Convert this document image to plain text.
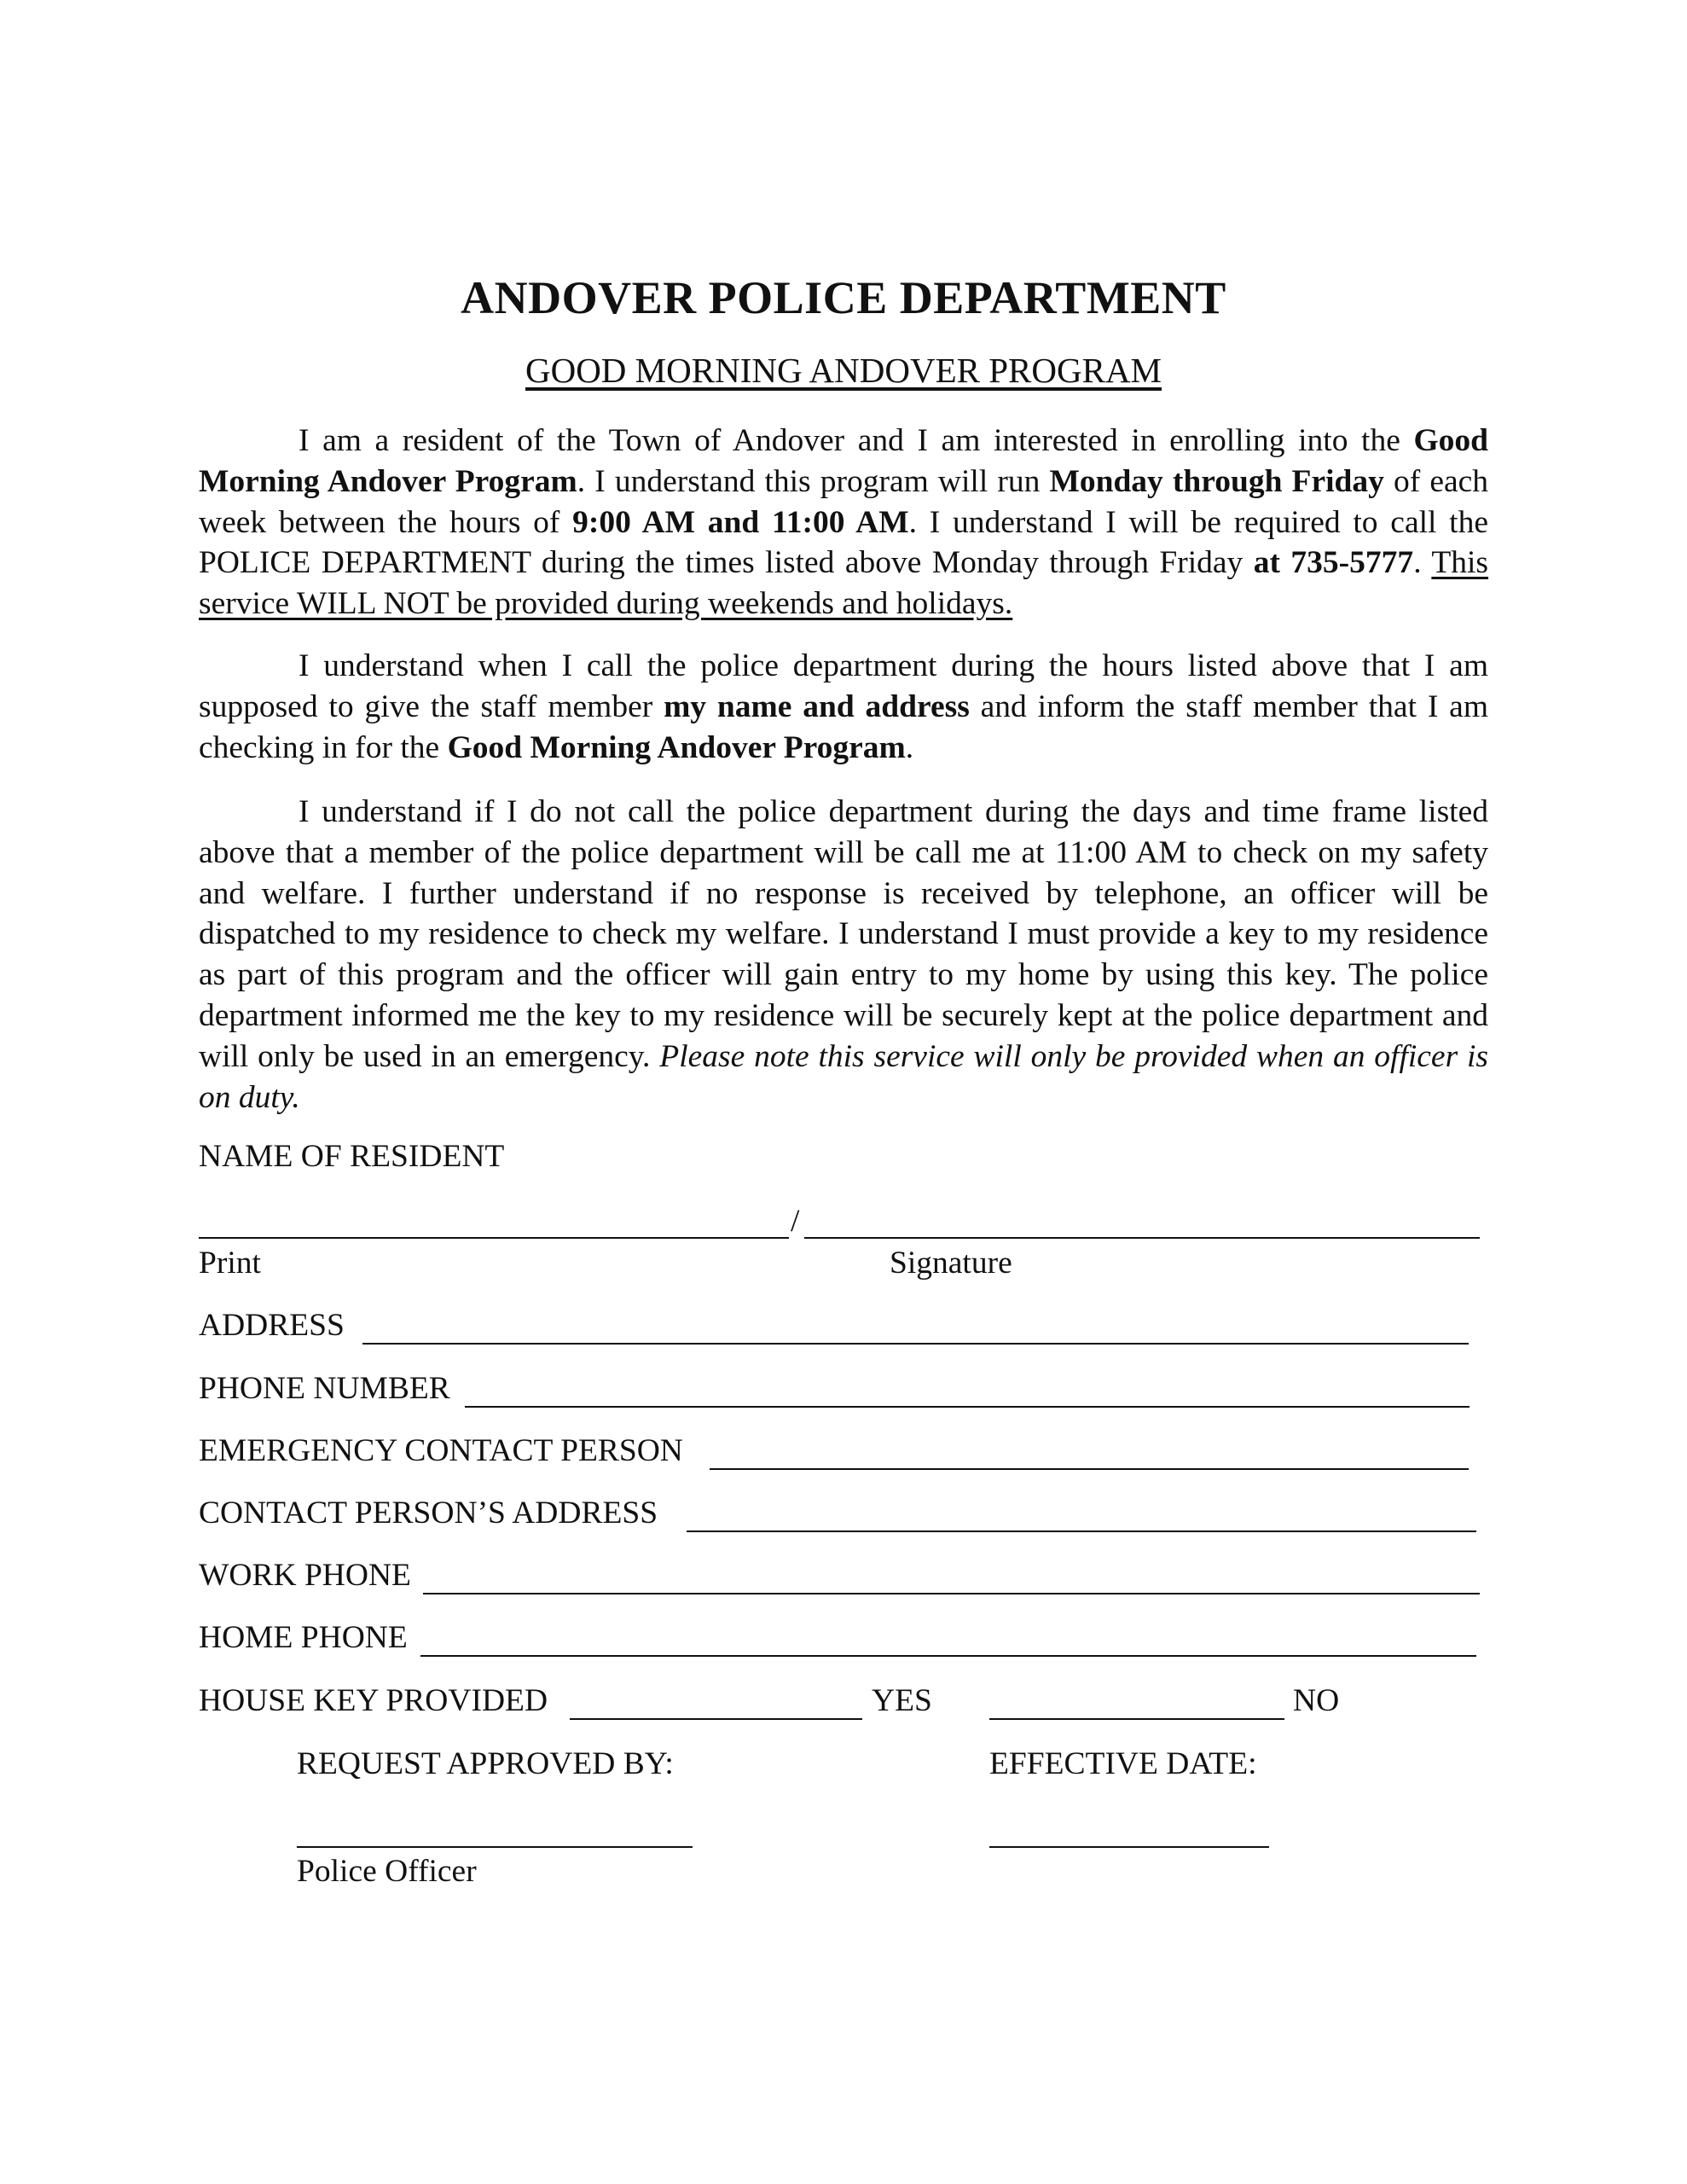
ANDOVER POLICE DEPARTMENT
GOOD MORNING ANDOVER PROGRAM
I am a resident of the Town of Andover and I am interested in enrolling into the Good Morning Andover Program. I understand this program will run Monday through Friday of each week between the hours of 9:00 AM and 11:00 AM. I understand I will be required to call the POLICE DEPARTMENT during the times listed above Monday through Friday at 735-5777. This service WILL NOT be provided during weekends and holidays.
I understand when I call the police department during the hours listed above that I am supposed to give the staff member my name and address and inform the staff member that I am checking in for the Good Morning Andover Program.
I understand if I do not call the police department during the days and time frame listed above that a member of the police department will be call me at 11:00 AM to check on my safety and welfare. I further understand if no response is received by telephone, an officer will be dispatched to my residence to check my welfare. I understand I must provide a key to my residence as part of this program and the officer will gain entry to my home by using this key. The police department informed me the key to my residence will be securely kept at the police department and will only be used in an emergency. Please note this service will only be provided when an officer is on duty.
NAME OF RESIDENT
/
Print	Signature
ADDRESS
PHONE NUMBER
EMERGENCY CONTACT PERSON
CONTACT PERSON’S ADDRESS
WORK PHONE
HOME PHONE
HOUSE KEY PROVIDED	YES	NO
REQUEST APPROVED BY:	EFFECTIVE DATE:
Police Officer
